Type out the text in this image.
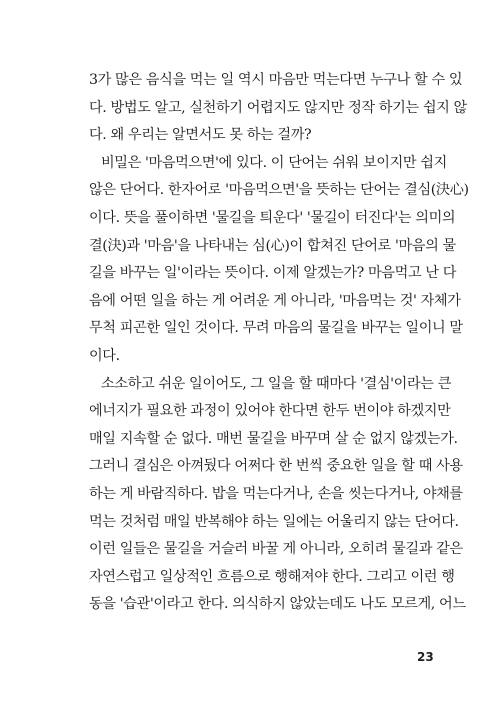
3가 많은 음식을 먹는 일 역시 마음만 먹는다면 누구나 할 수 있
다. 방법도 알고, 실천하기 어렵지도 않지만 정작 하기는 쉽지 않
다. 왜 우리는 알면서도 못 하는 걸까?
비밀은 '마음먹으면'에 있다. 이 단어는 쉬워 보이지만 쉽지
않은 단어다. 한자어로 '마음먹으면'을 뜻하는 단어는 결심(決心)
이다. 뜻을 풀이하면 '물길을 틔운다' '물길이 터진다'는 의미의
결(決)과 '마음'을 나타내는 심(心)이 합쳐진 단어로 '마음의 물
길을 바꾸는 일'이라는 뜻이다. 이제 알겠는가? 마음먹고 난 다
음에 어떤 일을 하는 게 어려운 게 아니라, '마음먹는 것' 자체가
무척 피곤한 일인 것이다. 무려 마음의 물길을 바꾸는 일이니 말
이다.
소소하고 쉬운 일이어도, 그 일을 할 때마다 '결심'이라는 큰
에너지가 필요한 과정이 있어야 한다면 한두 번이야 하겠지만
매일 지속할 순 없다. 매번 물길을 바꾸며 살 순 없지 않겠는가.
그러니 결심은 아껴뒀다 어쩌다 한 번씩 중요한 일을 할 때 사용
하는 게 바람직하다. 밥을 먹는다거나, 손을 씻는다거나, 야채를
먹는 것처럼 매일 반복해야 하는 일에는 어울리지 않는 단어다.
이런 일들은 물길을 거슬러 바꿀 게 아니라, 오히려 물길과 같은
자연스럽고 일상적인 흐름으로 행해져야 한다. 그리고 이런 행
동을 '습관'이라고 한다. 의식하지 않았는데도 나도 모르게, 어느
23
